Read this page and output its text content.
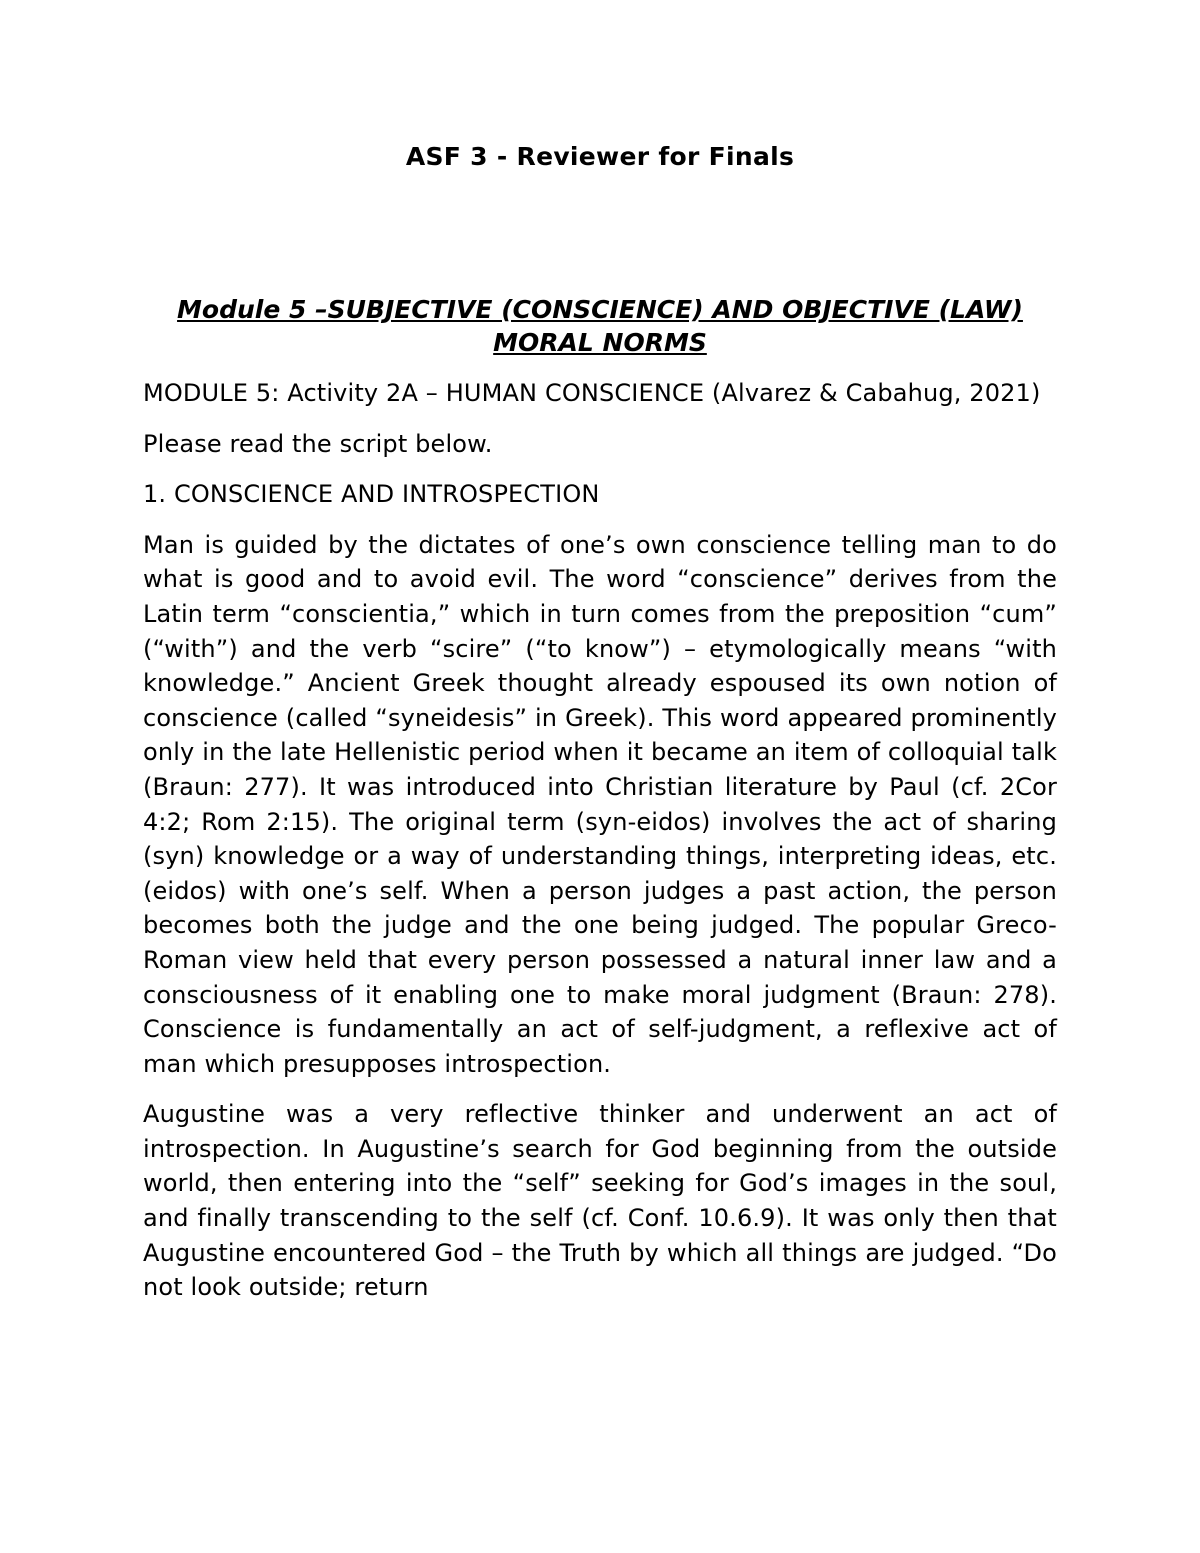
ASF 3 - Reviewer for Finals
Module 5 –SUBJECTIVE (CONSCIENCE) AND OBJECTIVE (LAW) MORAL NORMS

MODULE 5: Activity 2A – HUMAN CONSCIENCE (Alvarez & Cabahug, 2021)

Please read the script below.

1. CONSCIENCE AND INTROSPECTION

Man is guided by the dictates of one’s own conscience telling man to do what is good and to avoid evil. The word “conscience” derives from the Latin term “conscientia,” which in turn comes from the preposition “cum” (“with”) and the verb “scire” (“to know”) – etymologically means “with knowledge.” Ancient Greek thought already espoused its own notion of conscience (called “syneidesis” in Greek). This word appeared prominently only in the late Hellenistic period when it became an item of colloquial talk (Braun: 277). It was introduced into Christian literature by Paul (cf. 2Cor 4:2; Rom 2:15). The original term (syn-eidos) involves the act of sharing (syn) knowledge or a way of understanding things, interpreting ideas, etc. (eidos) with one’s self. When a person judges a past action, the person becomes both the judge and the one being judged. The popular Greco-Roman view held that every person possessed a natural inner law and a consciousness of it enabling one to make moral judgment (Braun: 278). Conscience is fundamentally an act of self-judgment, a reflexive act of man which presupposes introspection.

Augustine was a very reflective thinker and underwent an act of introspection. In Augustine’s search for God beginning from the outside world, then entering into the “self” seeking for God’s images in the soul, and finally transcending to the self (cf. Conf. 10.6.9). It was only then that Augustine encountered God – the Truth by which all things are judged. “Do not look outside; return
